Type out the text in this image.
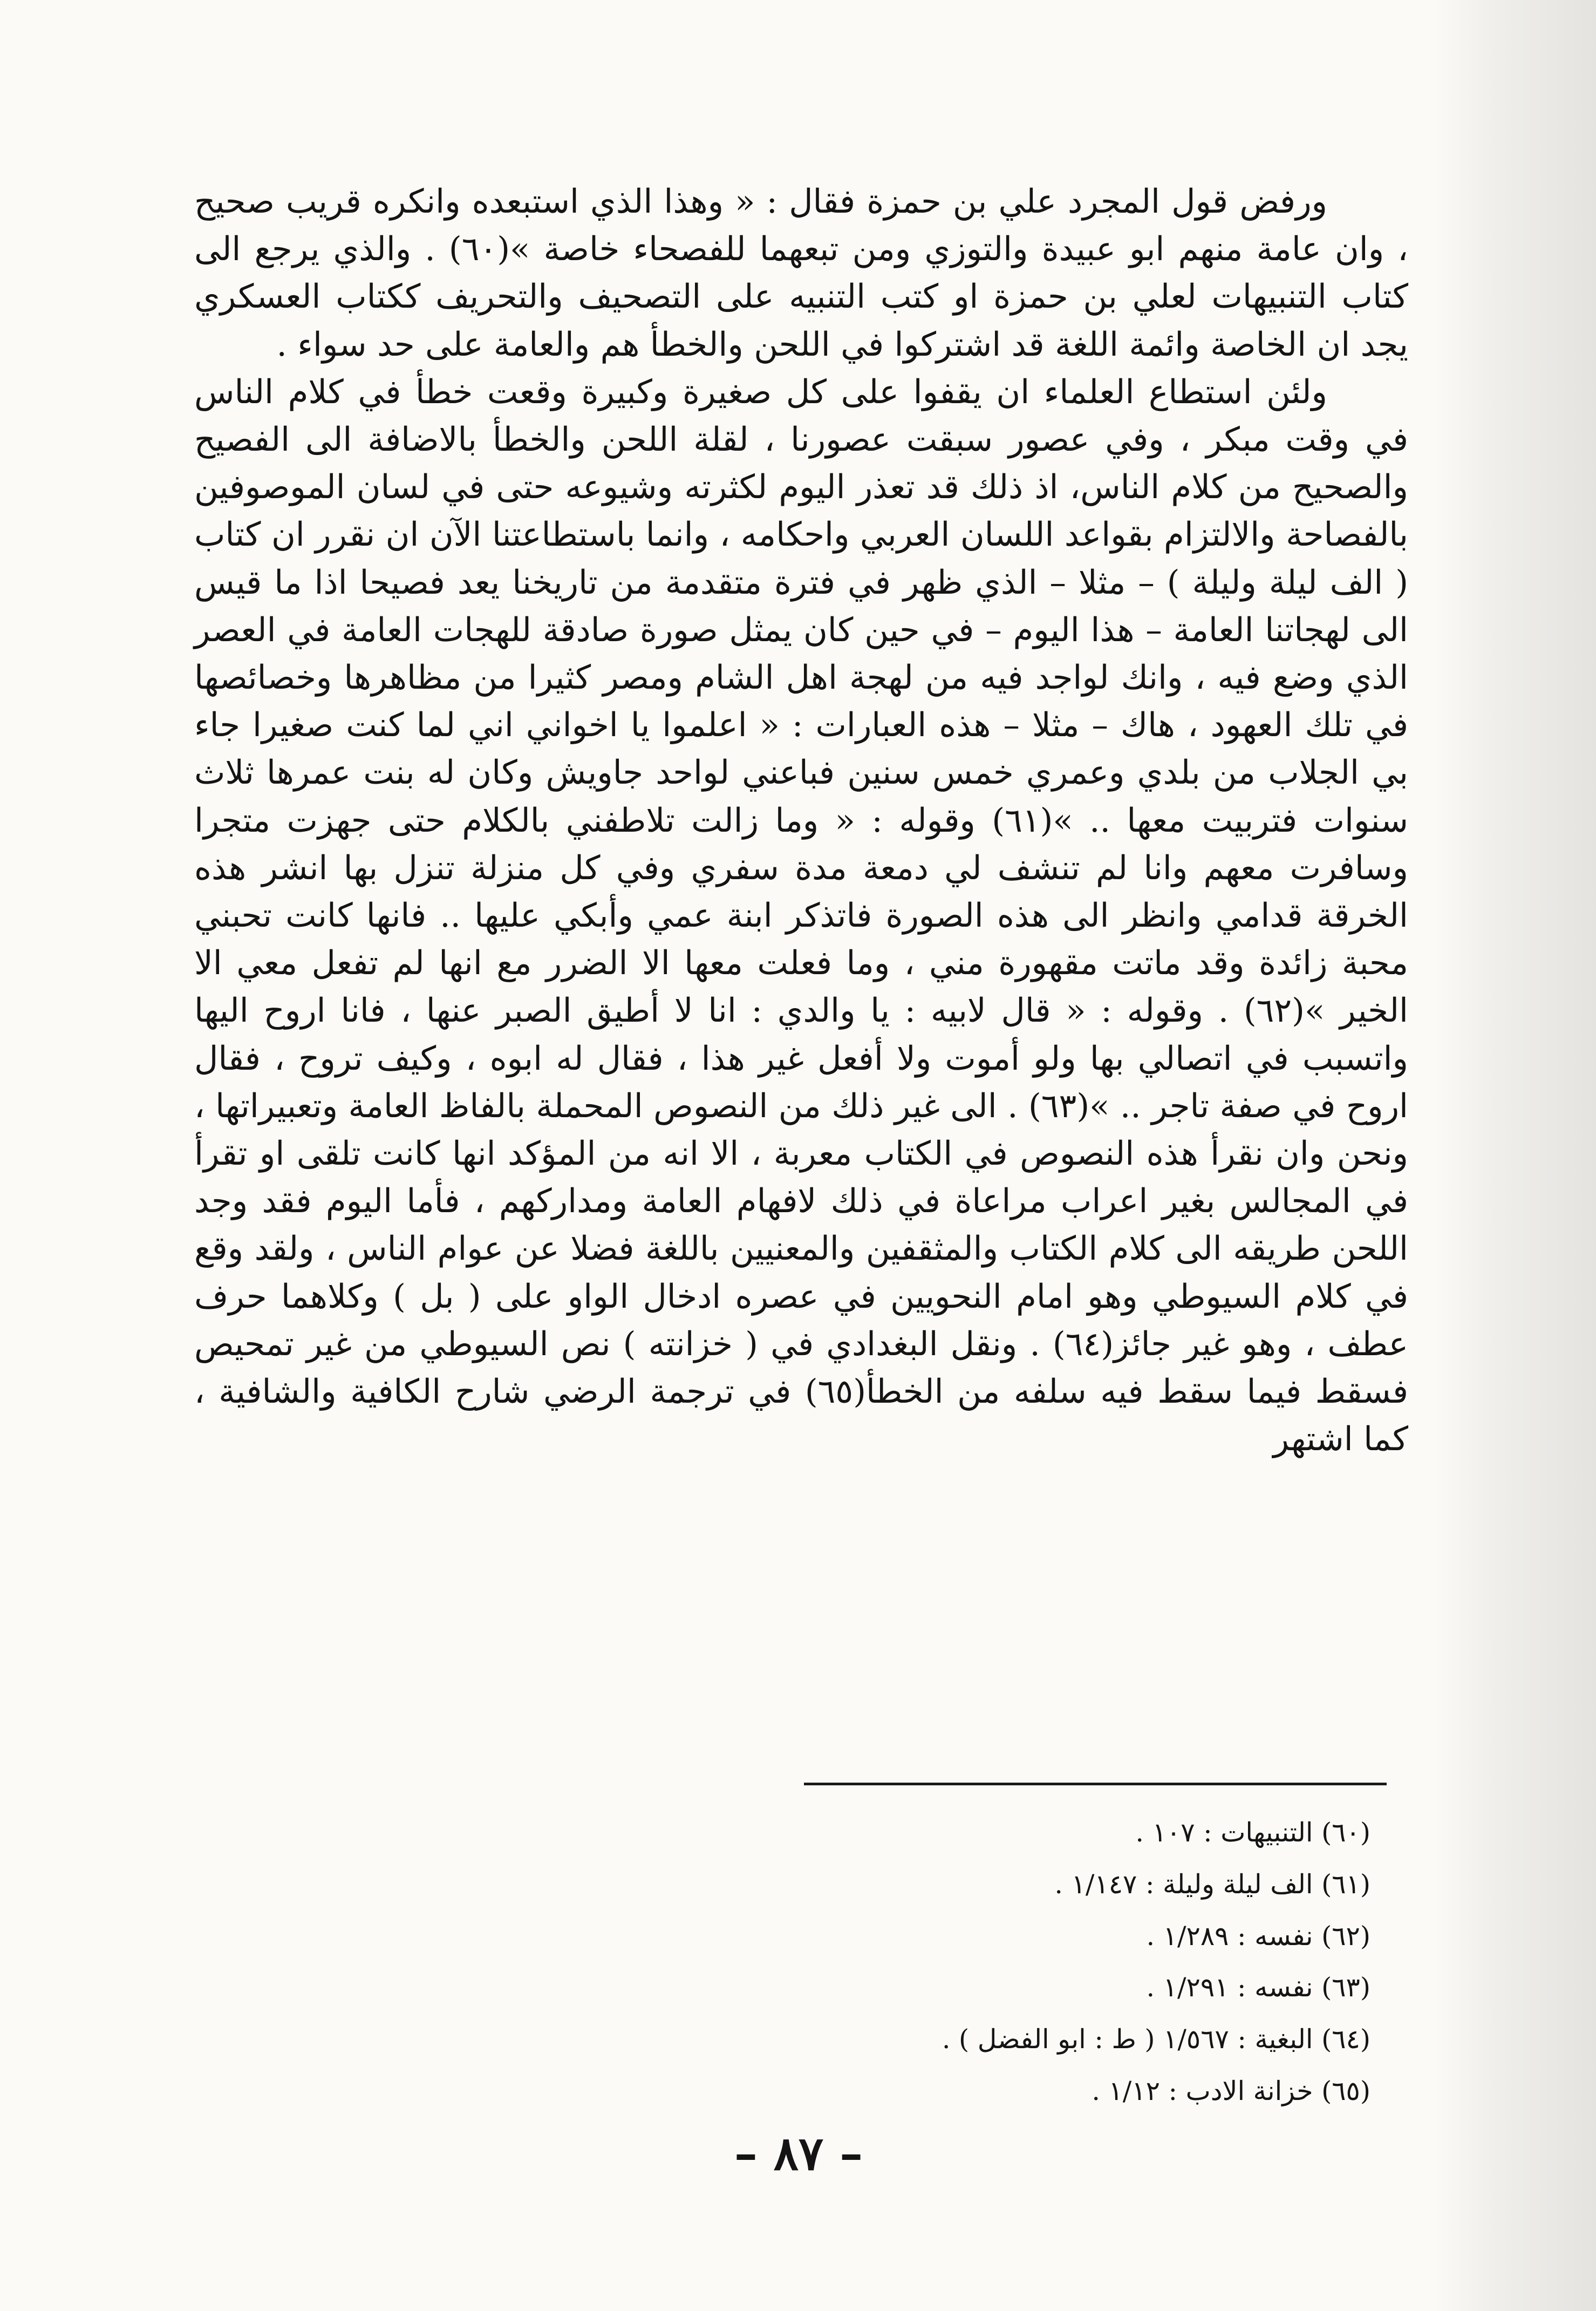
ورفض قول المجرد علي بن حمزة فقال : « وهذا الذي استبعده وانكره قريب صحيح ، وان عامة منهم ابو عبيدة والتوزي ومن تبعهما للفصحاء خاصة »(٦٠) . والذي يرجع الى كتاب التنبيهات لعلي بن حمزة او كتب التنبيه على التصحيف والتحريف ككتاب العسكري يجد ان الخاصة وائمة اللغة قد اشتركوا في اللحن والخطأ هم والعامة على حد سواء .

ولئن استطاع العلماء ان يقفوا على كل صغيرة وكبيرة وقعت خطأ في كلام الناس في وقت مبكر ، وفي عصور سبقت عصورنا ، لقلة اللحن والخطأ بالاضافة الى الفصيح والصحيح من كلام الناس، اذ ذلك قد تعذر اليوم لكثرته وشيوعه حتى في لسان الموصوفين بالفصاحة والالتزام بقواعد اللسان العربي واحكامه ، وانما باستطاعتنا الآن ان نقرر ان كتاب ( الف ليلة وليلة ) – مثلا – الذي ظهر في فترة متقدمة من تاريخنا يعد فصيحا اذا ما قيس الى لهجاتنا العامة – هذا اليوم – في حين كان يمثل صورة صادقة للهجات العامة في العصر الذي وضع فيه ، وانك لواجد فيه من لهجة اهل الشام ومصر كثيرا من مظاهرها وخصائصها في تلك العهود ، هاك – مثلا – هذه العبارات : « اعلموا يا اخواني اني لما كنت صغيرا جاء بي الجلاب من بلدي وعمري خمس سنين فباعني لواحد جاويش وكان له بنت عمرها ثلاث سنوات فتربيت معها .. »(٦١) وقوله : « وما زالت تلاطفني بالكلام حتى جهزت متجرا وسافرت معهم وانا لم تنشف لي دمعة مدة سفري وفي كل منزلة تنزل بها انشر هذه الخرقة قدامي وانظر الى هذه الصورة فاتذكر ابنة عمي وأبكي عليها .. فانها كانت تحبني محبة زائدة وقد ماتت مقهورة مني ، وما فعلت معها الا الضرر مع انها لم تفعل معي الا الخير »(٦٢) . وقوله : « قال لابيه : يا والدي : انا لا أطيق الصبر عنها ، فانا اروح اليها واتسبب في اتصالي بها ولو أموت ولا أفعل غير هذا ، فقال له ابوه ، وكيف تروح ، فقال اروح في صفة تاجر .. »(٦٣) . الى غير ذلك من النصوص المحملة بالفاظ العامة وتعبيراتها ، ونحن وان نقرأ هذه النصوص في الكتاب معربة ، الا انه من المؤكد انها كانت تلقى او تقرأ في المجالس بغير اعراب مراعاة في ذلك لافهام العامة ومداركهم ، فأما اليوم فقد وجد اللحن طريقه الى كلام الكتاب والمثقفين والمعنيين باللغة فضلا عن عوام الناس ، ولقد وقع في كلام السيوطي وهو امام النحويين في عصره ادخال الواو على ( بل ) وكلاهما حرف عطف ، وهو غير جائز(٦٤) . ونقل البغدادي في ( خزانته ) نص السيوطي من غير تمحيص فسقط فيما سقط فيه سلفه من الخطأ(٦٥) في ترجمة الرضي شارح الكافية والشافية ، كما اشتهر

(٦٠) التنبيهات : ١٠٧ .
(٦١) الف ليلة وليلة : ١/١٤٧ .
(٦٢) نفسه : ١/٢٨٩ .
(٦٣) نفسه : ١/٢٩١ .
(٦٤) البغية : ١/٥٦٧ ( ط : ابو الفضل ) .
(٦٥) خزانة الادب : ١/١٢ .
– ٨٧ –
